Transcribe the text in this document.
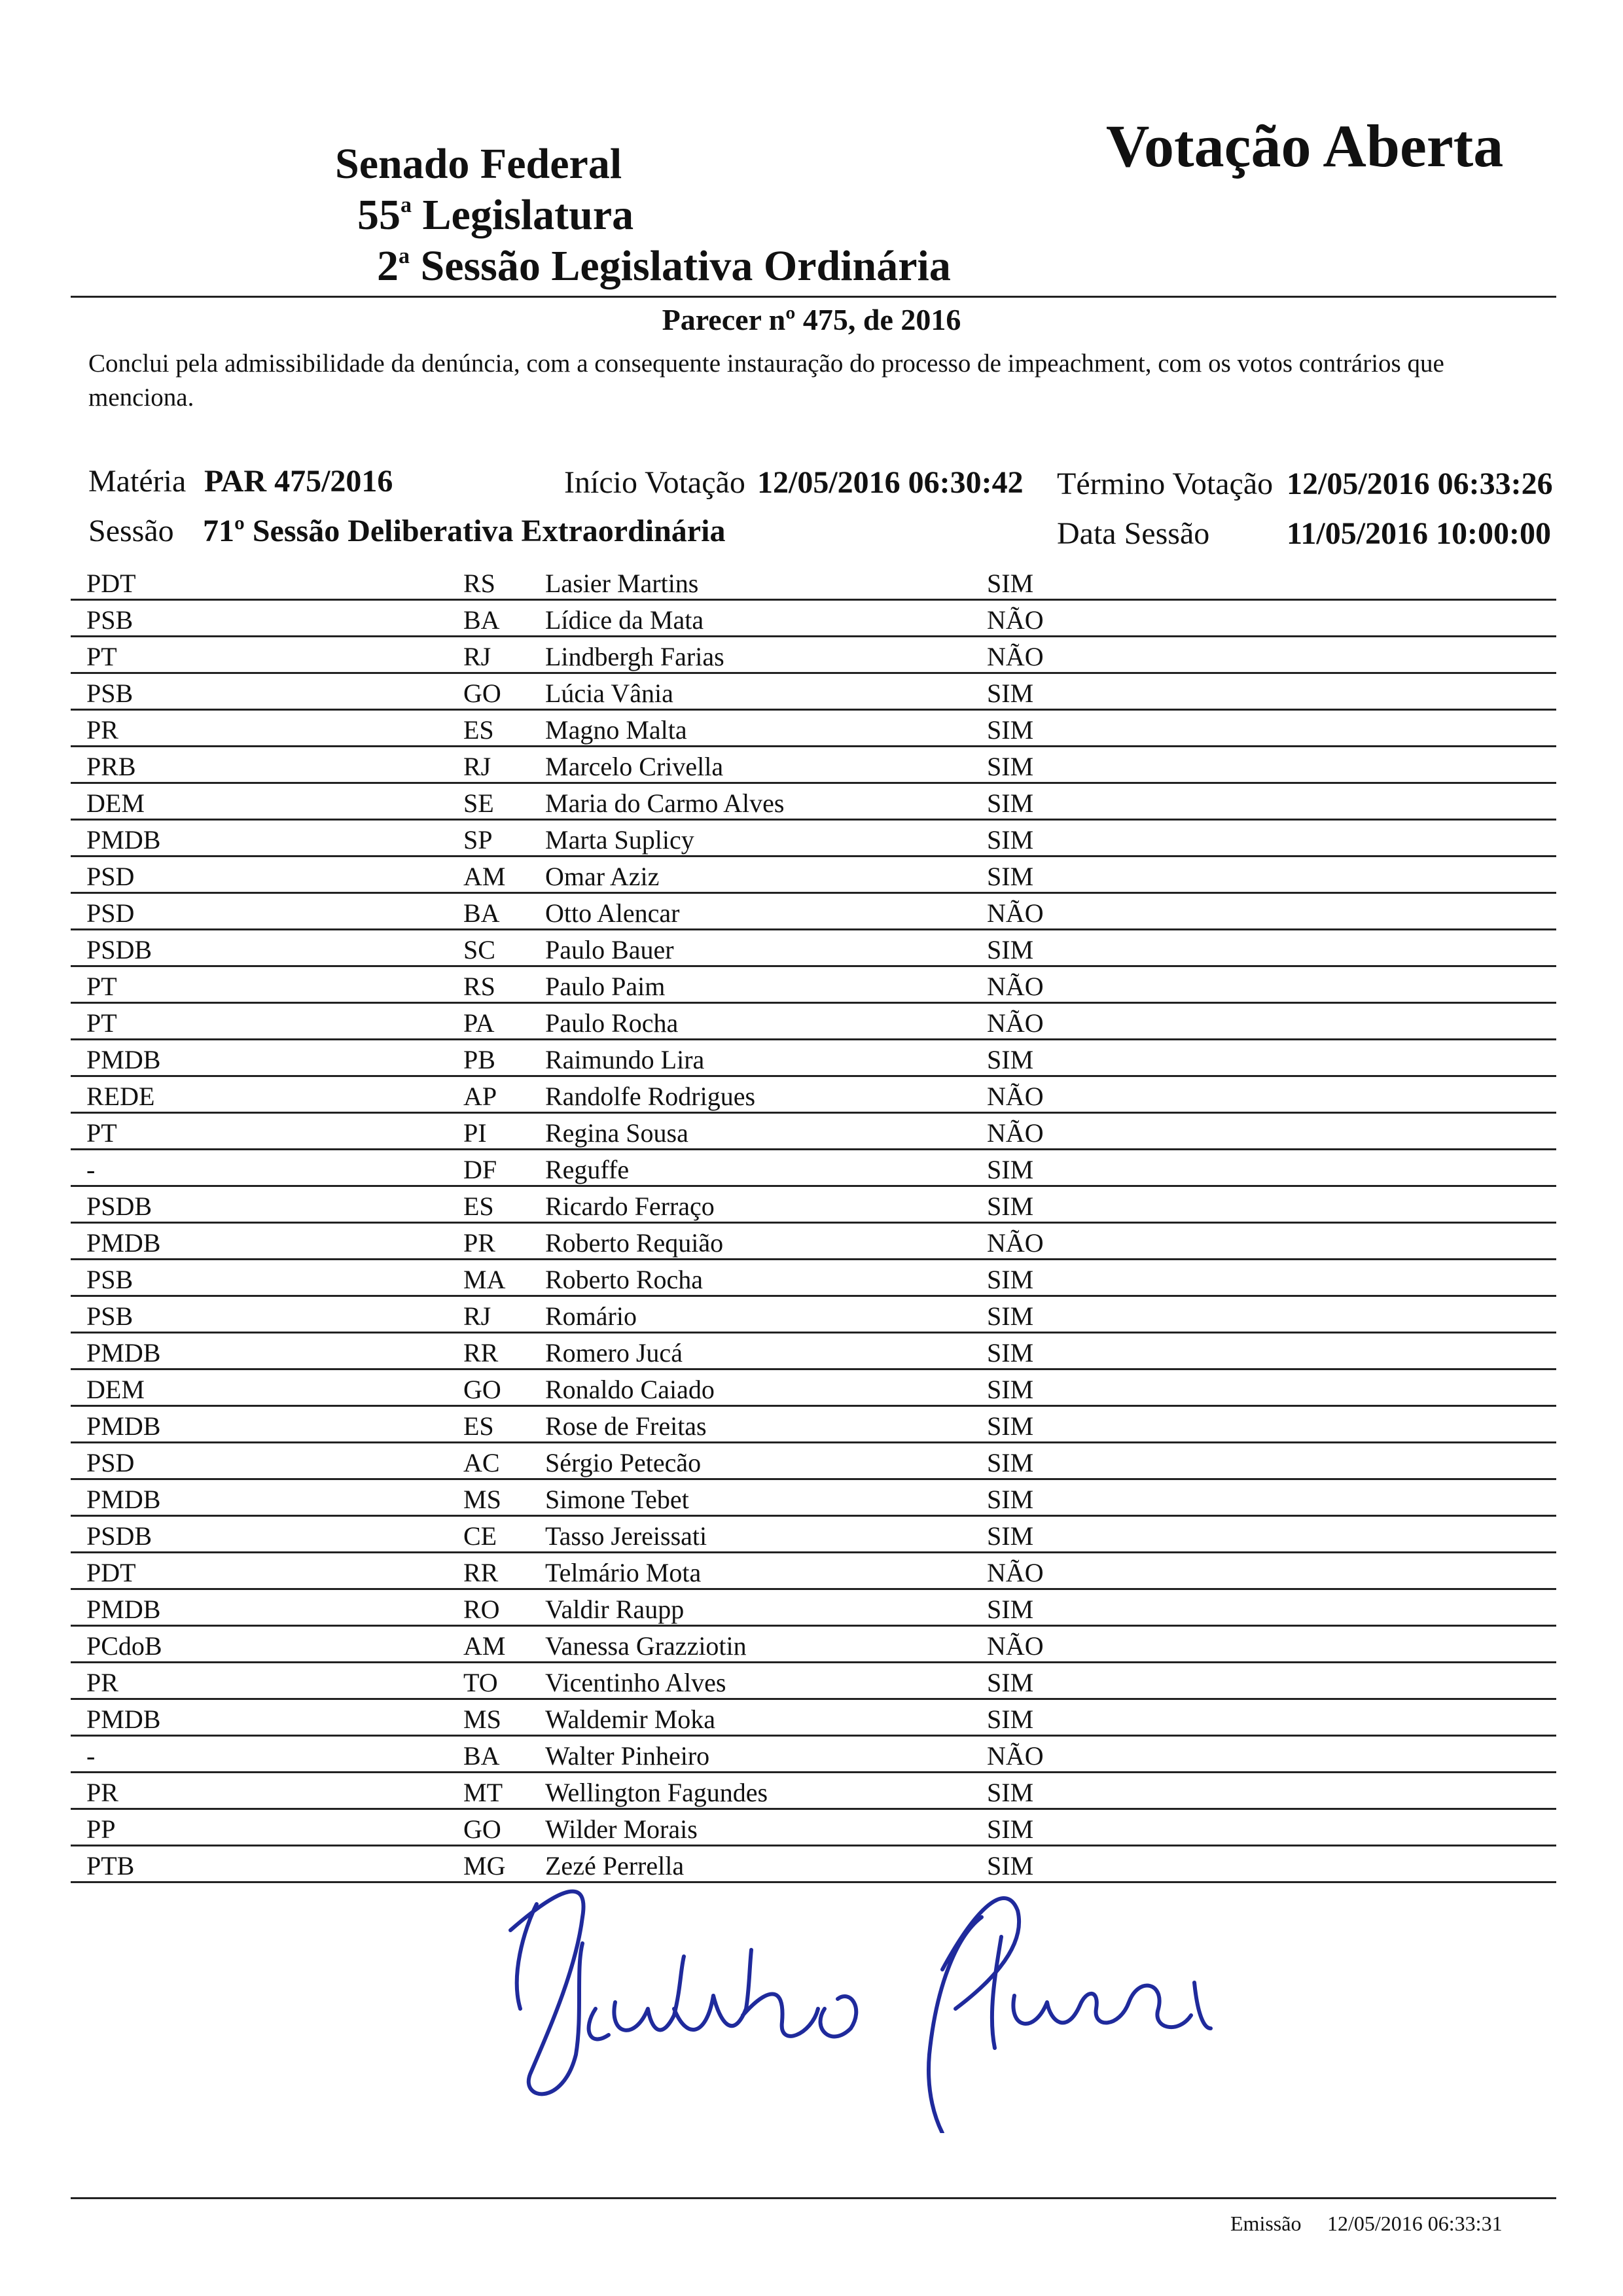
Votação Aberta
Senado Federal
55$^a$ Legislatura
2$^a$ Sessão Legislativa Ordinária
Parecer nº 475, de 2016
Conclui pela admissibilidade da denúncia, com a consequente instauração do processo de impeachment, com os votos contrários que menciona.
Matéria PAR 475/2016	Início Votação 12/05/2016 06:30:42 Término Votação 12/05/2016 06:33:26
Sessão 71º Sessão Deliberativa Extraordinária	Data Sessão 11/05/2016 10:00:00
PDT	RS Lasier Martins	SIM
PSB	BA Lídice da Mata	NÃO
PT	RJ Lindbergh Farias	NÃO
PSB	GO Lúcia Vânia	SIM
PR	ES Magno Malta	SIM
PRB	RJ Marcelo Crivella	SIM
DEM	SE Maria do Carmo Alves	SIM
PMDB	SP Marta Suplicy	SIM
PSD	AM Omar Aziz	SIM
PSD	BA Otto Alencar	NÃO
PSDB	SC Paulo Bauer	SIM
PT	RS Paulo Paim	NÃO
PT	PA Paulo Rocha	NÃO
PMDB	PB Raimundo Lira	SIM
REDE	AP Randolfe Rodrigues	NÃO
PT	PI Regina Sousa	NÃO
-	DF Reguffe	SIM
PSDB	ES Ricardo Ferraço	SIM
PMDB	PR Roberto Requião	NÃO
PSB	MA Roberto Rocha	SIM
PSB	RJ Romário	SIM
PMDB	RR Romero Jucá	SIM
DEM	GO Ronaldo Caiado	SIM
PMDB	ES Rose de Freitas	SIM
PSD	AC Sérgio Petecão	SIM
PMDB	MS Simone Tebet	SIM
PSDB	CE Tasso Jereissati	SIM
PDT	RR Telmário Mota	NÃO
PMDB	RO Valdir Raupp	SIM
PCdoB	AM Vanessa Grazziotin	NÃO
PR	TO Vicentinho Alves	SIM
PMDB	MS Waldemir Moka	SIM
-	BA Walter Pinheiro	NÃO
PR	MT Wellington Fagundes	SIM
PP	GO Wilder Morais	SIM
PTB	MG Zezé Perrella	SIM
Emissão 12/05/2016 06:33:31
